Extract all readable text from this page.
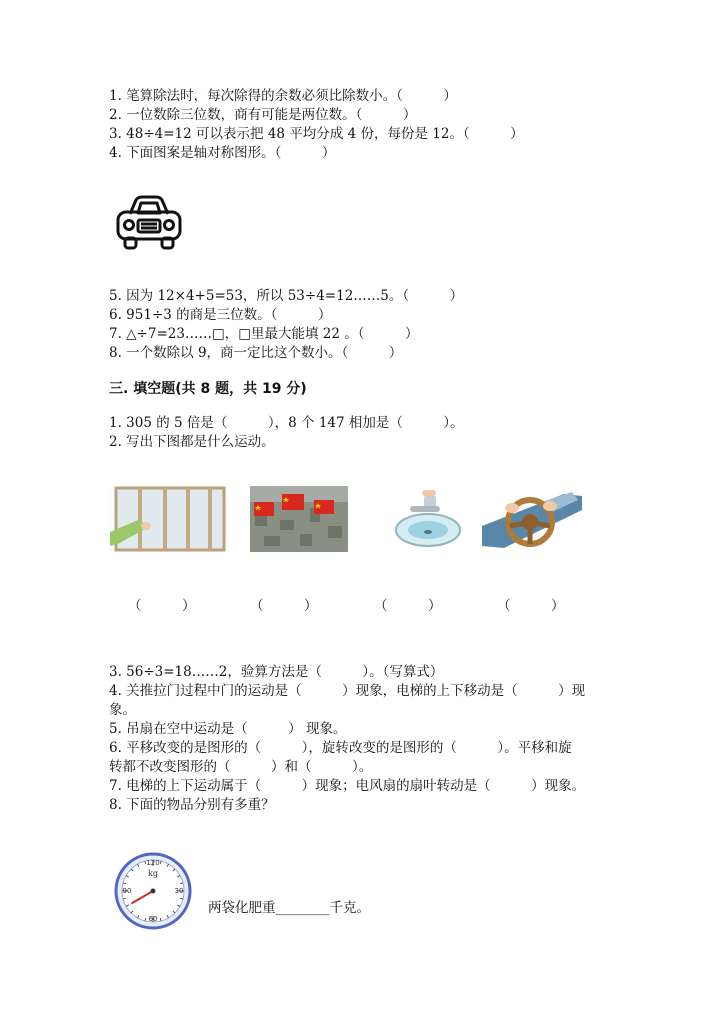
1. 笔算除法时，每次除得的余数必须比除数小。（　　　）
2. 一位数除三位数，商有可能是两位数。（　　　）
3. 48÷4=12 可以表示把 48 平均分成 4 份，每份是 12。（　　　）
4. 下面图案是轴对称图形。（　　　）
5. 因为 12×4+5=53，所以 53÷4=12……5。（　　　）
6. 951÷3 的商是三位数。（　　　）
7. △÷7=23……□，□里最大能填 22 。（　　　）
8. 一个数除以 9，商一定比这个数小。（　　　）
三. 填空题(共 8 题，共 19 分)
1. 305 的 5 倍是（　　　），8 个 147 相加是（　　　）。
2. 写出下图都是什么运动。
（　　　）	（　　　）	（　　　）	（　　　）
3. 56÷3=18……2，验算方法是（　　　）。（写算式）
4. 关推拉门过程中门的运动是（　　　）现象，电梯的上下移动是（　　　）现
象。
5. 吊扇在空中运动是（　　　） 现象。
6. 平移改变的是图形的（　　　），旋转改变的是图形的（　　　）。平移和旋
转都不改变图形的（　　　）和（　　　）。
7. 电梯的上下运动属于（　　　）现象；电风扇的扇叶转动是（　　　）现象。
8. 下面的物品分别有多重？
120
30
60
90
kg
两袋化肥重________千克。
